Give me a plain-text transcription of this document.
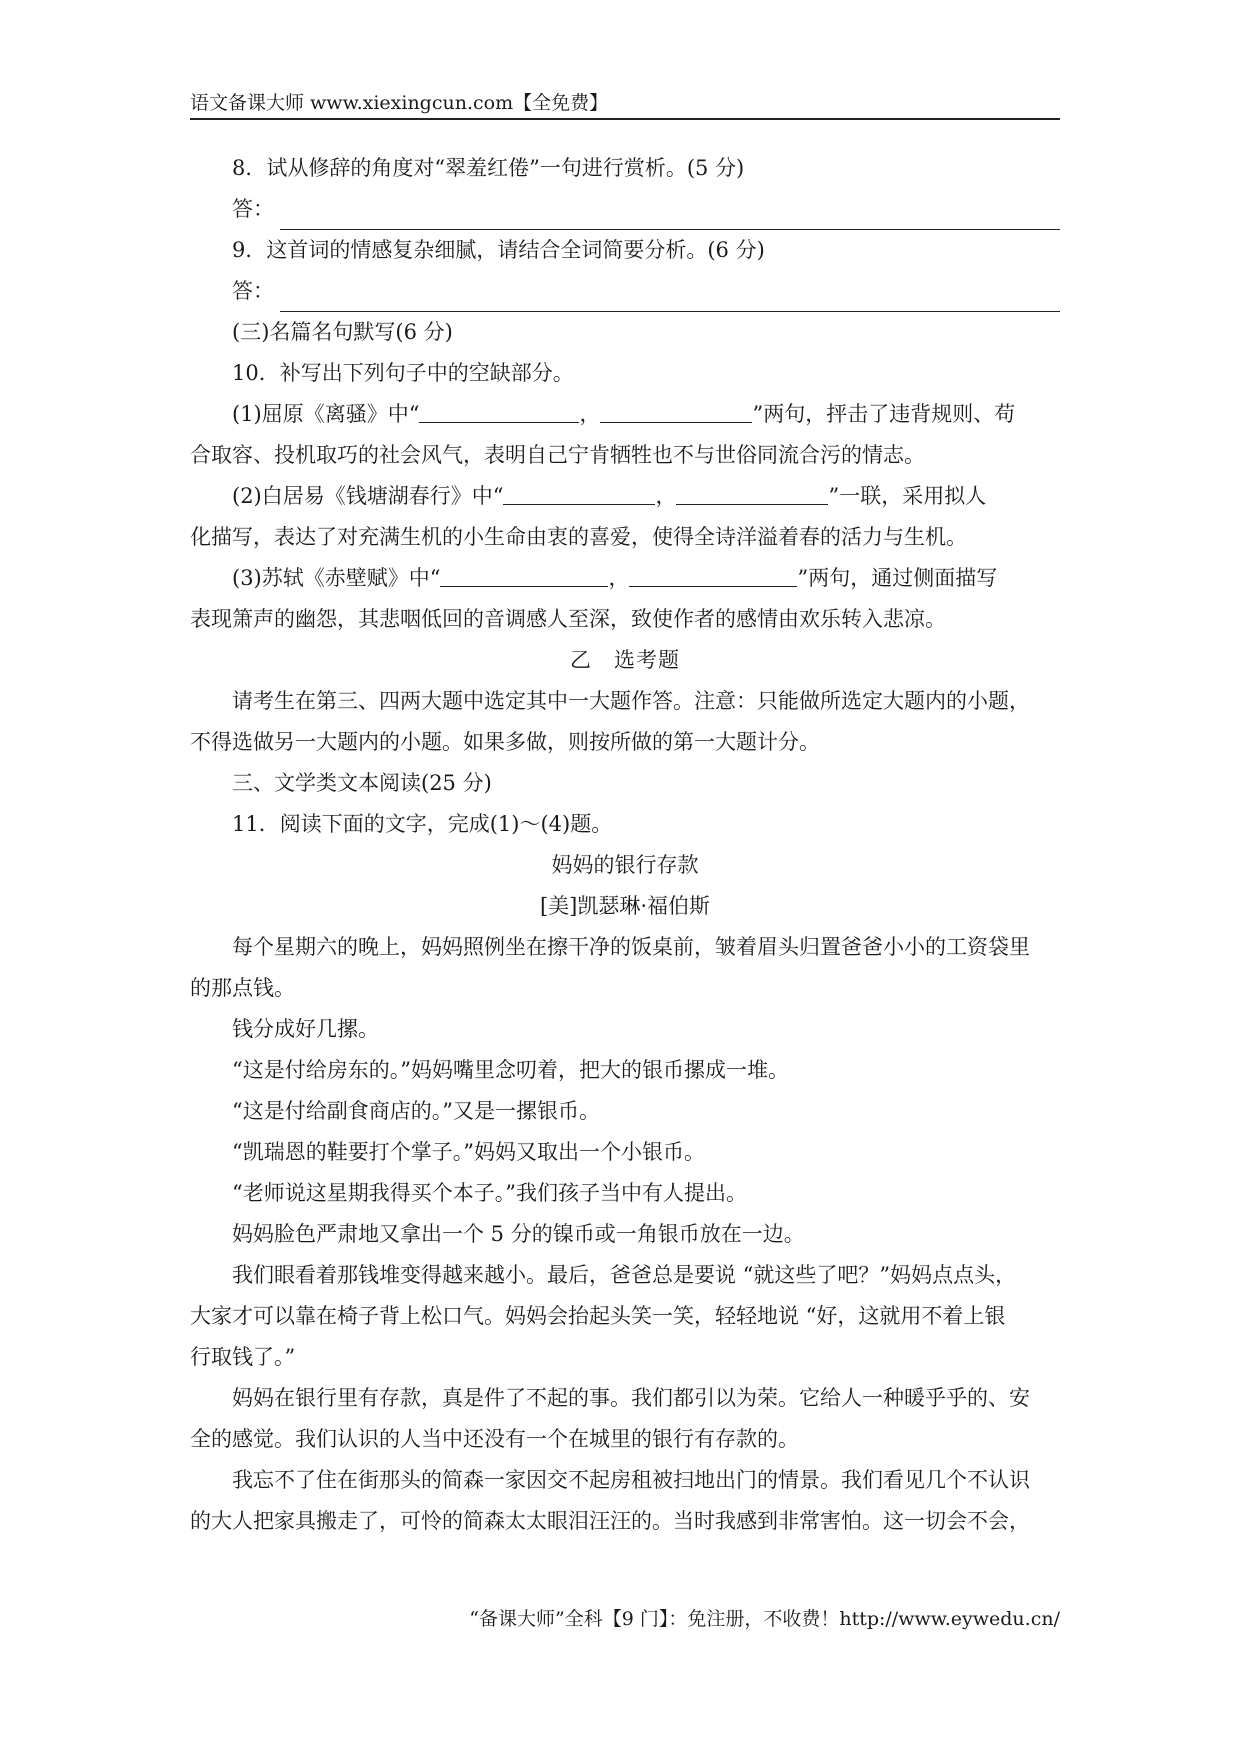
语文备课大师 www.xiexingcun.com【全免费】
8．试从修辞的角度对“翠羞红倦”一句进行赏析。(5 分)
答：
9．这首词的情感复杂细腻，请结合全词简要分析。(6 分)
答：
(三)名篇名句默写(6 分)
10．补写出下列句子中的空缺部分。
(1)屈原《离骚》中“	，	”两句，抨击了违背规则、苟
合取容、投机取巧的社会风气，表明自己宁肯牺牲也不与世俗同流合污的情志。
(2)白居易《钱塘湖春行》中“	，	”一联，采用拟人
化描写，表达了对充满生机的小生命由衷的喜爱，使得全诗洋溢着春的活力与生机。
(3)苏轼《赤壁赋》中“	，	”两句，通过侧面描写
表现箫声的幽怨，其悲咽低回的音调感人至深，致使作者的感情由欢乐转入悲凉。
乙　选考题
请考生在第三、四两大题中选定其中一大题作答。注意：只能做所选定大题内的小题，
不得选做另一大题内的小题。如果多做，则按所做的第一大题计分。
三、文学类文本阅读(25 分)
11．阅读下面的文字，完成(1)～(4)题。
妈妈的银行存款
[美]凯瑟琳·福伯斯
每个星期六的晚上，妈妈照例坐在擦干净的饭桌前，皱着眉头归置爸爸小小的工资袋里
的那点钱。
钱分成好几摞。
“这是付给房东的。”妈妈嘴里念叨着，把大的银币摞成一堆。
“这是付给副食商店的。”又是一摞银币。
“凯瑞恩的鞋要打个掌子。”妈妈又取出一个小银币。
“老师说这星期我得买个本子。”我们孩子当中有人提出。
妈妈脸色严肃地又拿出一个 5 分的镍币或一角银币放在一边。
我们眼看着那钱堆变得越来越小。最后，爸爸总是要说 “就这些了吧？”妈妈点点头，
大家才可以靠在椅子背上松口气。妈妈会抬起头笑一笑，轻轻地说 “好，这就用不着上银
行取钱了。”
妈妈在银行里有存款，真是件了不起的事。我们都引以为荣。它给人一种暖乎乎的、安
全的感觉。我们认识的人当中还没有一个在城里的银行有存款的。
我忘不了住在街那头的简森一家因交不起房租被扫地出门的情景。我们看见几个不认识
的大人把家具搬走了，可怜的简森太太眼泪汪汪的。当时我感到非常害怕。这一切会不会，
“备课大师”全科【9 门】：免注册，不收费！http://www.eywedu.cn/
